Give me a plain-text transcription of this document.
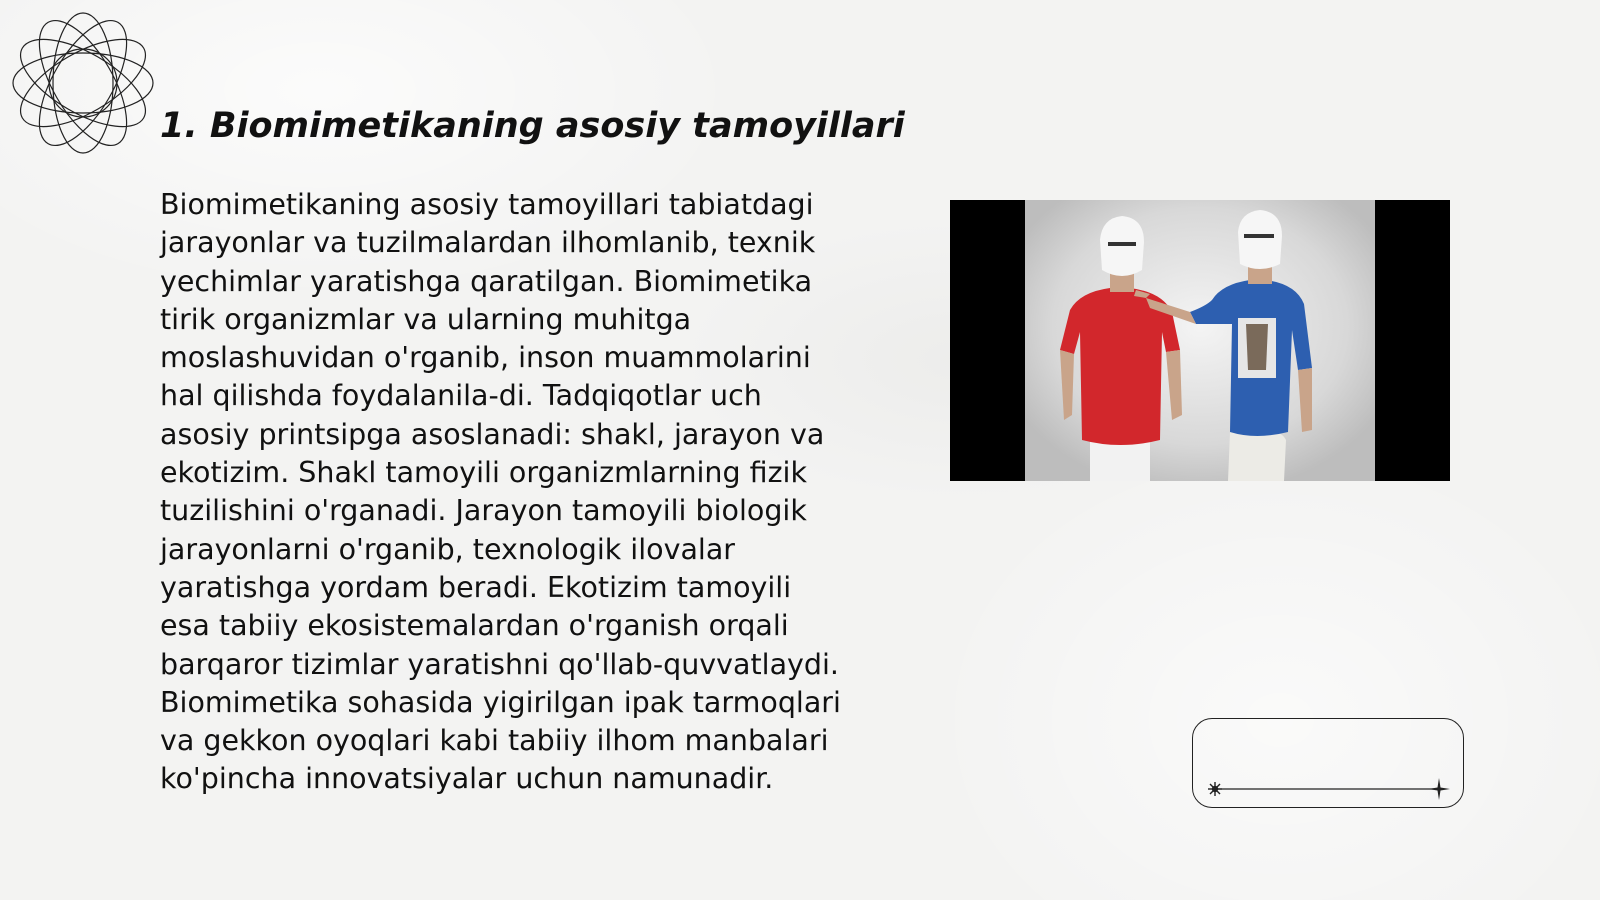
1. Biomimetikaning asosiy tamoyillari

Biomimetikaning asosiy tamoyillari tabiatdagi jarayonlar va tuzilmalardan ilhomlanib, texnik yechimlar yaratishga qaratilgan. Biomimetika tirik organizmlar va ularning muhitga moslashuvidan o'rganib, inson muammolarini hal qilishda foydalanila-di. Tadqiqotlar uch asosiy printsipga asoslanadi: shakl, jarayon va ekotizim. Shakl tamoyili organizmlarning fizik tuzilishini o'rganadi. Jarayon tamoyili biologik jarayonlarni o'rganib, texnologik ilovalar yaratishga yordam beradi. Ekotizim tamoyili esa tabiiy ekosistemalardan o'rganish orqali barqaror tizimlar yaratishni qo'llab-quvvatlaydi. Biomimetika sohasida yigirilgan ipak tarmoqlari va gekkon oyoqlari kabi tabiiy ilhom manbalari ko'pincha innovatsiyalar uchun namunadir.
